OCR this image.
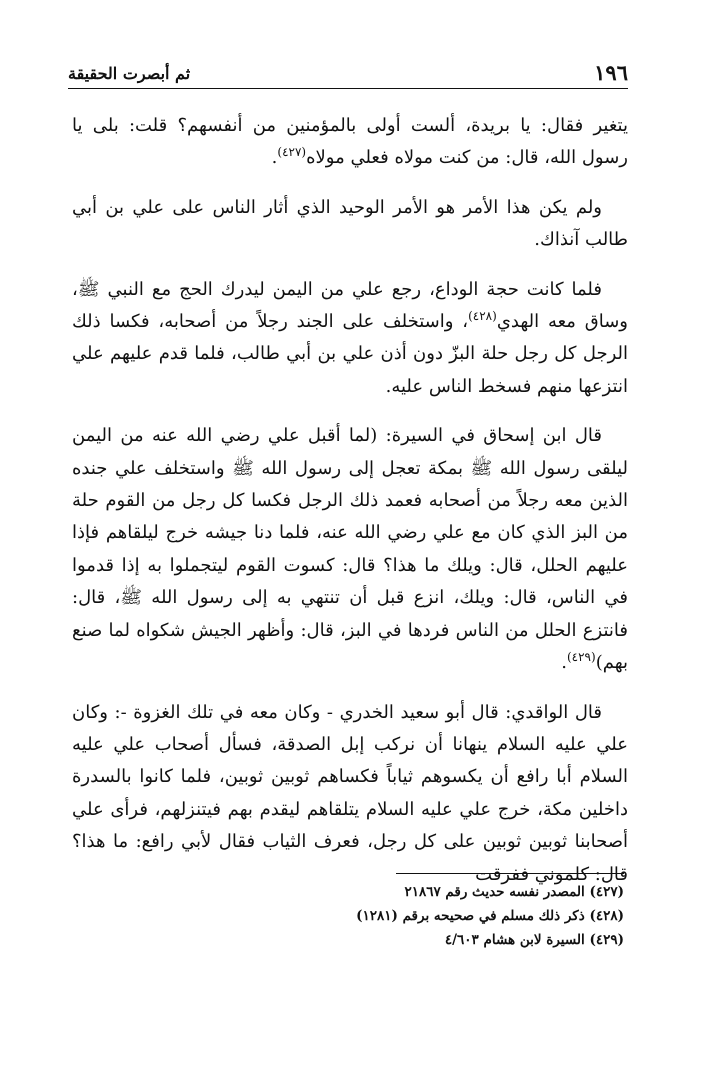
١٩٦
ثم أبصرت الحقيقة

يتغير فقال: يا بريدة، ألست أولى بالمؤمنين من أنفسهم؟ قلت: بلى يا رسول الله، قال: من كنت مولاه فعلي مولاه$^{(٤٢٧)}$.

ولم يكن هذا الأمر هو الأمر الوحيد الذي أثار الناس على علي بن أبي طالب آنذاك.

فلما كانت حجة الوداع، رجع علي من اليمن ليدرك الحج مع النبي ﷺ، وساق معه الهدي$^{(٤٢٨)}$، واستخلف على الجند رجلاً من أصحابه، فكسا ذلك الرجل كل رجل حلة البزّ دون أذن علي بن أبي طالب، فلما قدم عليهم علي انتزعها منهم فسخط الناس عليه.

قال ابن إسحاق في السيرة: (لما أقبل علي رضي الله عنه من اليمن ليلقى رسول الله ﷺ بمكة تعجل إلى رسول الله ﷺ واستخلف علي جنده الذين معه رجلاً من أصحابه فعمد ذلك الرجل فكسا كل رجل من القوم حلة من البز الذي كان مع علي رضي الله عنه، فلما دنا جيشه خرج ليلقاهم فإذا عليهم الحلل، قال: ويلك ما هذا؟ قال: كسوت القوم ليتجملوا به إذا قدموا في الناس، قال: ويلك، انزع قبل أن تنتهي به إلى رسول الله ﷺ، قال: فانتزع الحلل من الناس فردها في البز، قال: وأظهر الجيش شكواه لما صنع بهم)$^{(٤٢٩)}$.

قال الواقدي: قال أبو سعيد الخدري - وكان معه في تلك الغزوة -: وكان علي عليه السلام ينهانا أن نركب إبل الصدقة، فسأل أصحاب علي عليه السلام أبا رافع أن يكسوهم ثياباً فكساهم ثوبين ثوبين، فلما كانوا بالسدرة داخلين مكة، خرج علي عليه السلام يتلقاهم ليقدم بهم فيتنزلهم، فرأى علي أصحابنا ثوبين ثوبين على كل رجل، فعرف الثياب فقال لأبي رافع: ما هذا؟ قال: كلموني ففرقت

(٤٢٧) المصدر نفسه حديث رقم ٢١٨٦٧
(٤٢٨) ذكر ذلك مسلم في صحيحه برقم (١٢٨١)
(٤٢٩) السيرة لابن هشام ٤/٦٠٣
